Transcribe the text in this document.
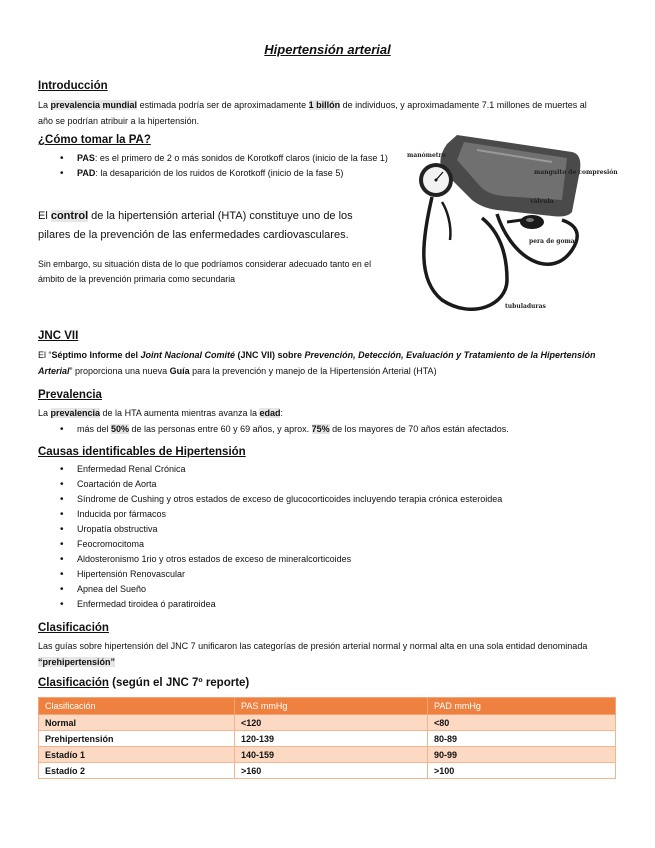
Hipertensión arterial
Introducción
La prevalencia mundial estimada podría ser de aproximadamente 1 billón de individuos, y aproximadamente 7.1 millones de muertes al año se podrían atribuir a la hipertensión.
¿Cómo tomar la PA?
• PAS: es el primero de 2 o más sonidos de Korotkoff claros (inicio de la fase 1)
• PAD: la desaparición de los ruidos de Korotkoff (inicio de la fase 5)
El control de la hipertensión arterial (HTA) constituye uno de los pilares de la prevención de las enfermedades cardiovasculares.
Sin embargo, su situación dista de lo que podríamos considerar adecuado tanto en el ámbito de la prevención primaria como secundaria
manómetro
manguito de compresión
válvula
pera de goma
tubuladuras
JNC VII
El “Séptimo Informe del Joint Nacional Comité (JNC VII) sobre Prevención, Detección, Evaluación y Tratamiento de la Hipertensión Arterial” proporciona una nueva Guía para la prevención y manejo de la Hipertensión Arterial (HTA)
Prevalencia
La prevalencia de la HTA aumenta mientras avanza la edad:
• más del 50% de las personas entre 60 y 69 años, y aprox. 75% de los mayores de 70 años están afectados.
Causas identificables de Hipertensión
• Enfermedad Renal Crónica
• Coartación de Aorta
• Síndrome de Cushing y otros estados de exceso de glucocorticoides incluyendo terapia crónica esteroidea
• Inducida por fármacos
• Uropatía obstructiva
• Feocromocitoma
• Aldosteronismo 1rio y otros estados de exceso de mineralcorticoides
• Hipertensión Renovascular
• Apnea del Sueño
• Enfermedad tiroidea ó paratiroidea
Clasificación
Las guías sobre hipertensión del JNC 7 unificaron las categorías de presión arterial normal y normal alta en una sola entidad denominada “prehipertensión”
Clasificación (según el JNC 7º reporte)
Clasificación	PAS mmHg	PAD mmHg
Normal	<120	<80
Prehipertensión	120-139	80-89
Estadío 1	140-159	90-99
Estadío 2	>160	>100
